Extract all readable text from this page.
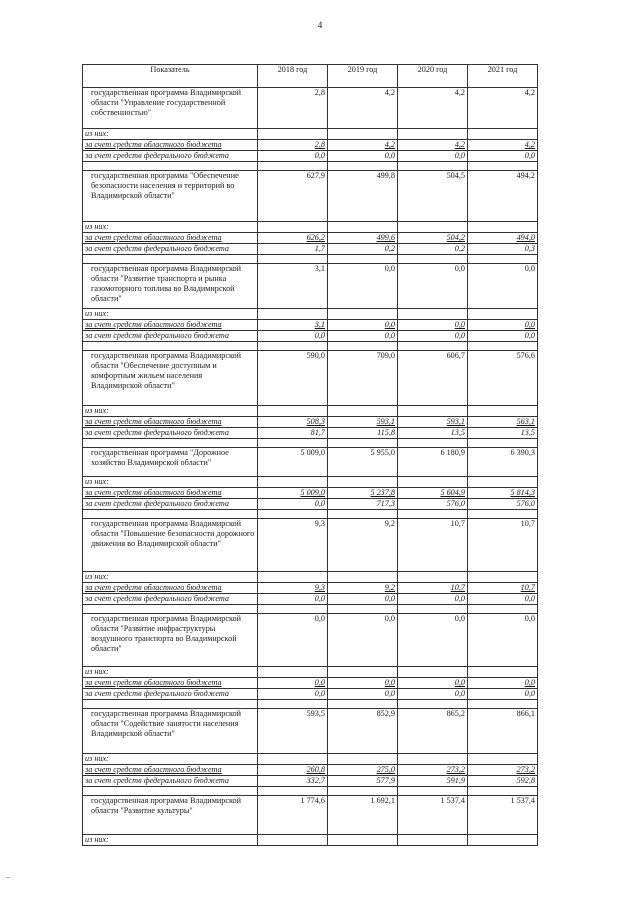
4
Показатель	2018 год	2019 год	2020 год	2021 год
государственная программа Владимирской области "Управление государственной собственностью"	2,8	4,2	4,2	4,2
из них:				
за счет средств областного бюджета	2,8	4,2	4,2	4,2
за счет средств федерального бюджета	0,0	0,0	0,0	0,0

государственная программа "Обеспечение безопасности населения и территорий во Владимирской области"	627,9	499,8	504,5	494,2
из них:				
за счет средств областного бюджета	626,2	499,6	504,2	494,0
за счет средств федерального бюджета	1,7	0,2	0,2	0,3

государственная программа Владимирской области "Развитие транспорта и рынка газомоторного топлива во Владимирской области"	3,1	0,0	0,0	0,0
из них:				
за счет средств областного бюджета	3,1	0,0	0,0	0,0
за счет средств федерального бюджета	0,0	0,0	0,0	0,0

государственная программа Владимирской области "Обеспечение доступным и комфортным жильем населения Владимирской области"	590,0	709,0	606,7	576,6
из них:				
за счет средств областного бюджета	508,3	593,1	593,1	563,1
за счет средств федерального бюджета	81,7	115,8	13,5	13,5

государственная программа "Дорожное хозяйство Владимирской области"	5 009,0	5 955,0	6 180,9	6 390,3
из них:				
за счет средств областного бюджета	5 009,0	5 237,8	5 604,9	5 814,3
за счет средств федерального бюджета	0,0	717,3	576,0	576,0

государственная программа Владимирской области "Повышение безопасности дорожного движения во Владимирской области"	9,3	9,2	10,7	10,7
из них:				
за счет средств областного бюджета	9,3	9,2	10,7	10,7
за счет средств федерального бюджета	0,0	0,0	0,0	0,0

государственная программа Владимирской области "Развитие инфраструктуры воздушного транспорта во Владимирской области"	0,0	0,0	0,0	0,0
из них:				
за счет средств областного бюджета	0,0	0,0	0,0	0,0
за счет средств федерального бюджета	0,0	0,0	0,0	0,0

государственная программа Владимирской области "Содействие занятости населения Владимирской области"	593,5	852,9	865,2	866,1
из них:				
за счет средств областного бюджета	260,8	275,0	273,2	273,2
за счет средств федерального бюджета	332,7	577,9	591,9	592,8

государственная программа Владимирской области "Развитие культуры"	1 774,6	1 692,1	1 537,4	1 537,4
из них:				
–
